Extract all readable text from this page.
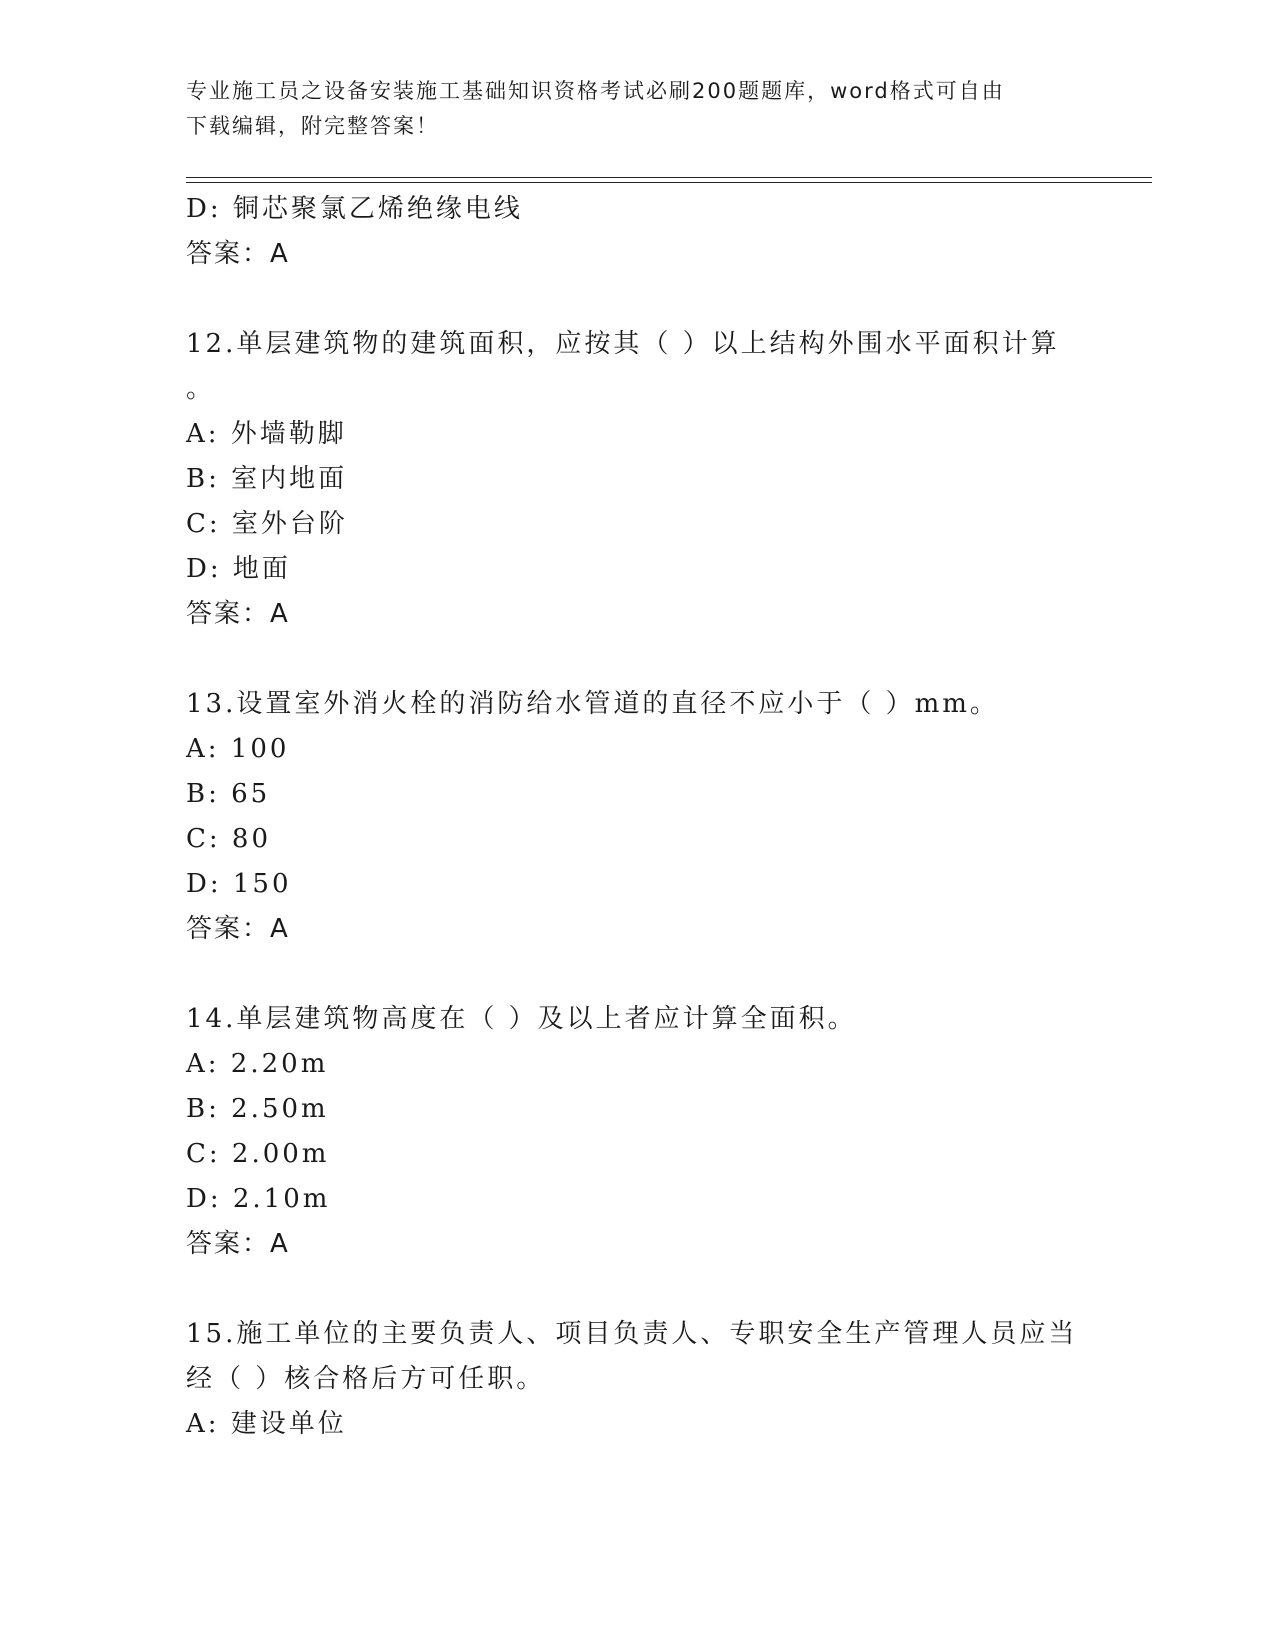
专业施工员之设备安装施工基础知识资格考试必刷200题题库，word格式可自由
下载编辑，附完整答案！
D: 铜芯聚氯乙烯绝缘电线
答案：A
12.单层建筑物的建筑面积，应按其（ ）以上结构外围水平面积计算
。
A: 外墙勒脚
B: 室内地面
C: 室外台阶
D: 地面
答案：A
13.设置室外消火栓的消防给水管道的直径不应小于（ ）mm。
A: 100
B: 65
C: 80
D: 150
答案：A
14.单层建筑物高度在（ ）及以上者应计算全面积。
A: 2.20m
B: 2.50m
C: 2.00m
D: 2.10m
答案：A
15.施工单位的主要负责人、项目负责人、专职安全生产管理人员应当
经（ ）核合格后方可任职。
A: 建设单位
